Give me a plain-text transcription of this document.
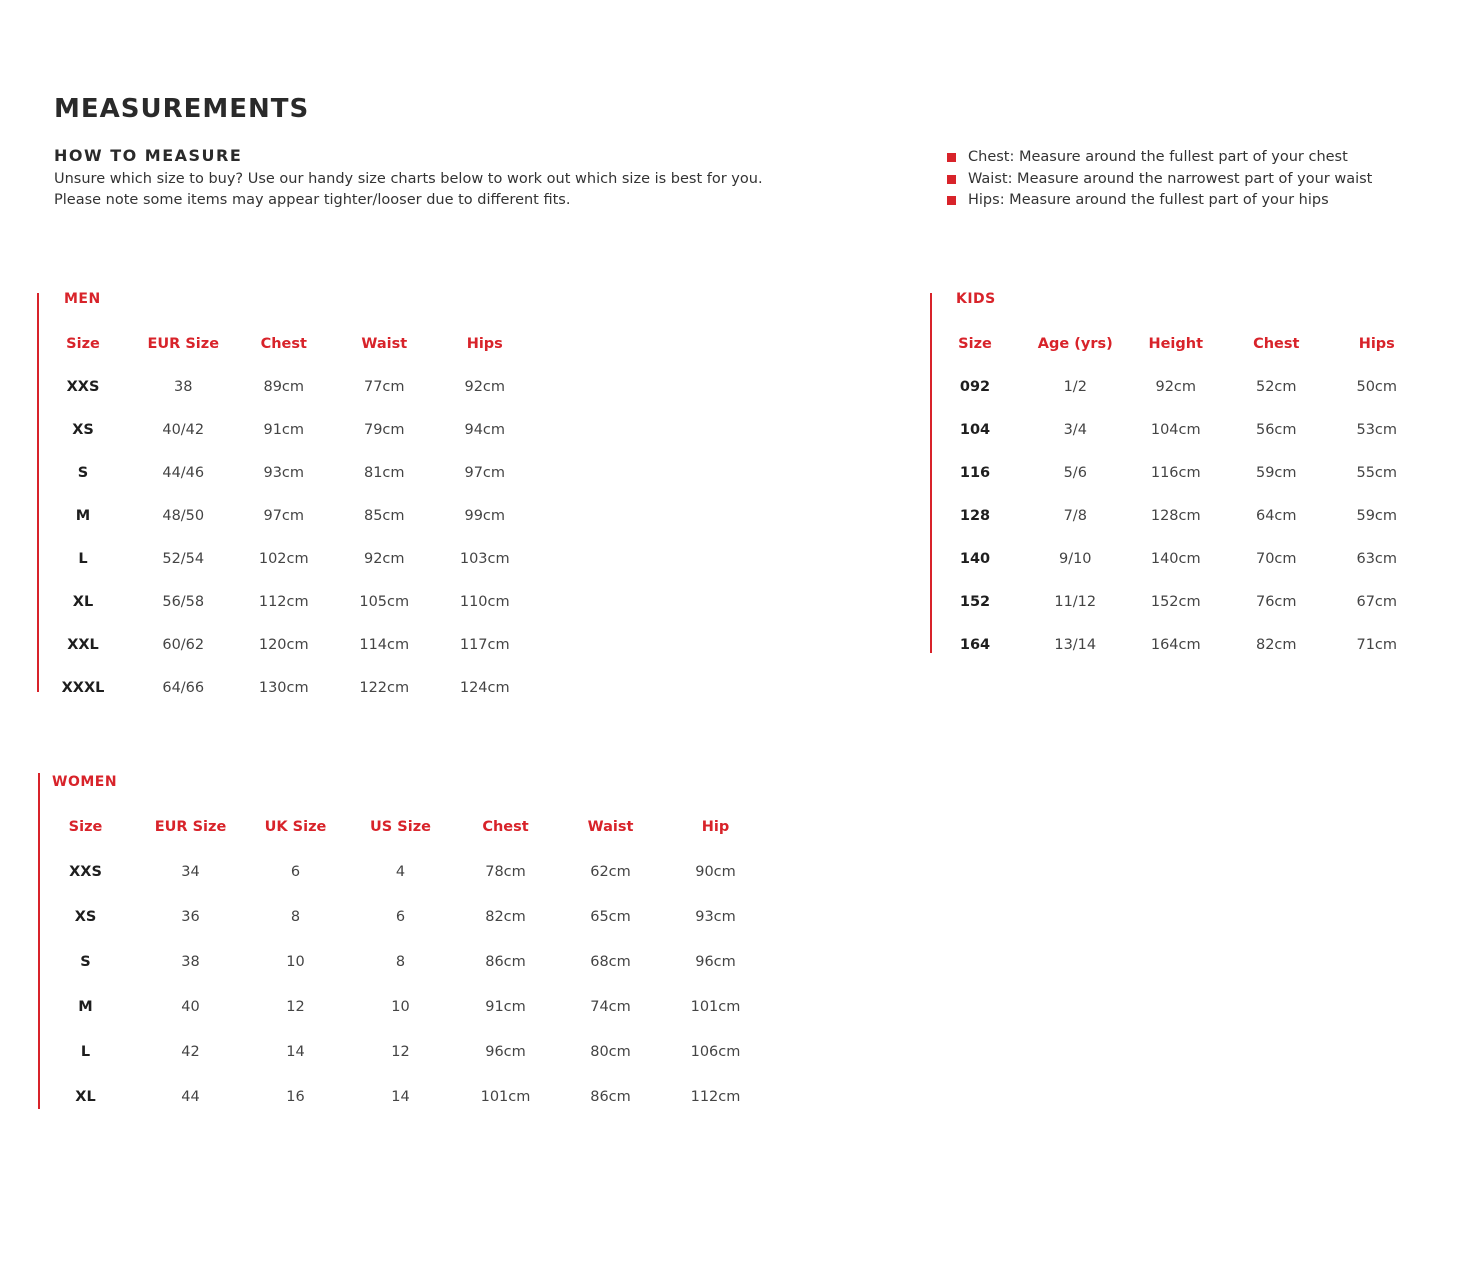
MEASUREMENTS
HOW TO MEASURE
Unsure which size to buy? Use our handy size charts below to work out which size is best for you.
Please note some items may appear tighter/looser due to different fits.
Chest: Measure around the fullest part of your chest
Waist: Measure around the narrowest part of your waist
Hips: Measure around the fullest part of your hips
MEN
Size	EUR Size	Chest	Waist	Hips
XXS	38	89cm	77cm	92cm
XS	40/42	91cm	79cm	94cm
S	44/46	93cm	81cm	97cm
M	48/50	97cm	85cm	99cm
L	52/54	102cm	92cm	103cm
XL	56/58	112cm	105cm	110cm
XXL	60/62	120cm	114cm	117cm
XXXL	64/66	130cm	122cm	124cm
KIDS
Size	Age (yrs)	Height	Chest	Hips
092	1/2	92cm	52cm	50cm
104	3/4	104cm	56cm	53cm
116	5/6	116cm	59cm	55cm
128	7/8	128cm	64cm	59cm
140	9/10	140cm	70cm	63cm
152	11/12	152cm	76cm	67cm
164	13/14	164cm	82cm	71cm
WOMEN
Size	EUR Size	UK Size	US Size	Chest	Waist	Hip
XXS	34	6	4	78cm	62cm	90cm
XS	36	8	6	82cm	65cm	93cm
S	38	10	8	86cm	68cm	96cm
M	40	12	10	91cm	74cm	101cm
L	42	14	12	96cm	80cm	106cm
XL	44	16	14	101cm	86cm	112cm
